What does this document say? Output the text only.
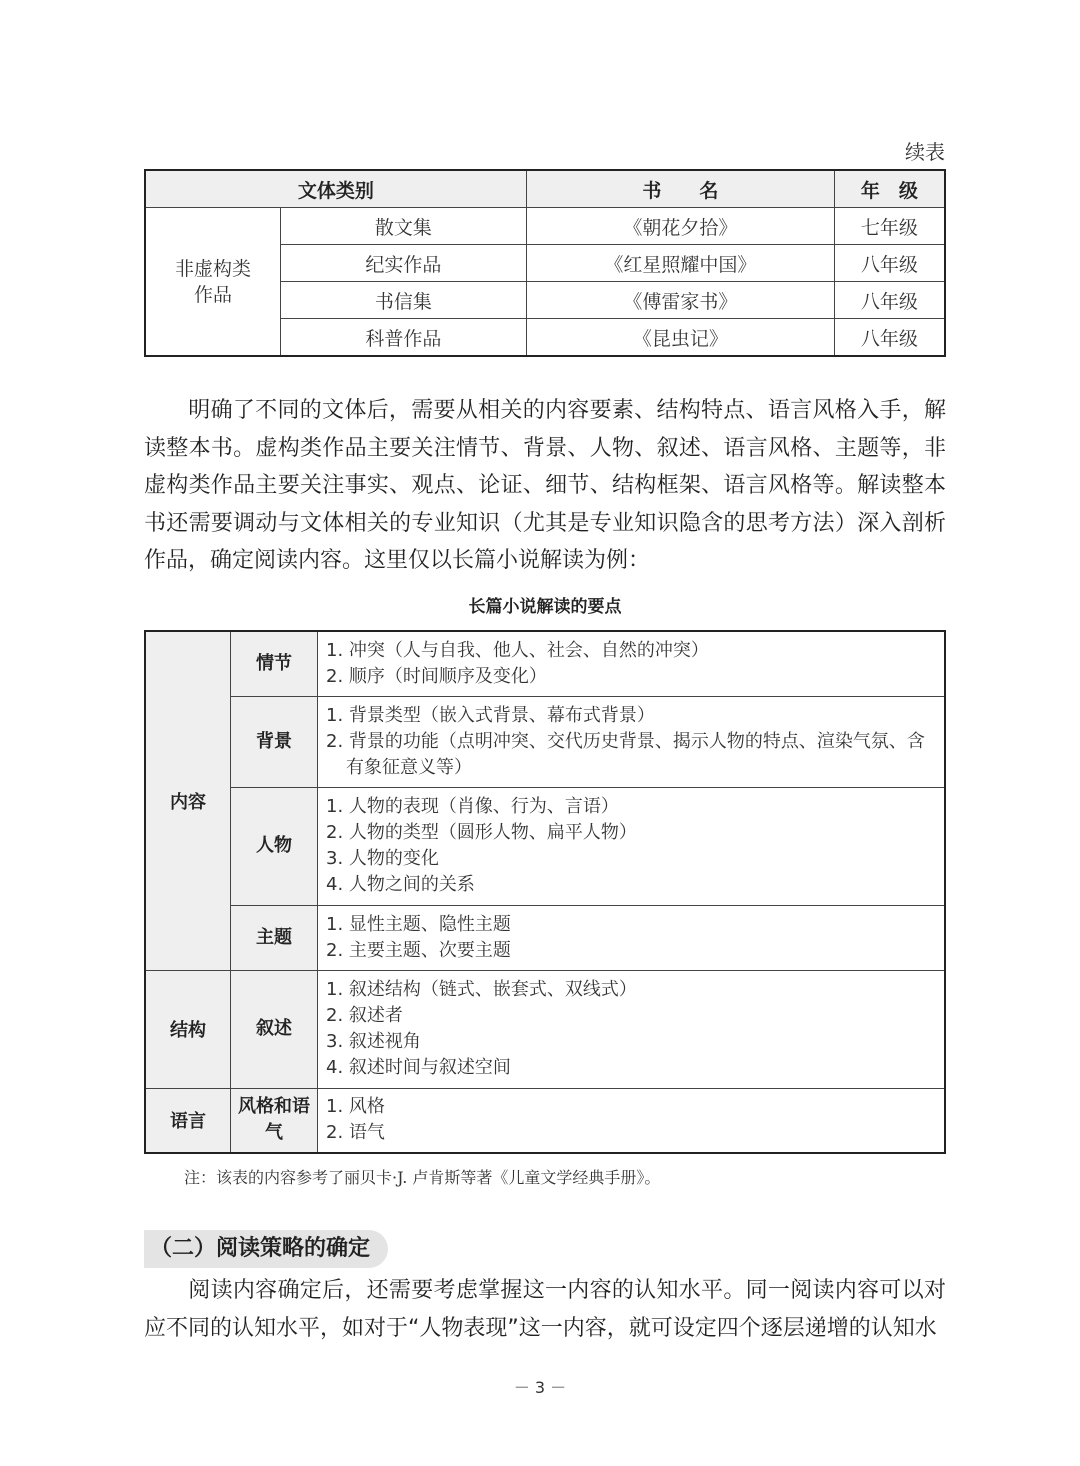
续表
文体类别		书　　名	年　级
非虚构类
作品	散文集	《朝花夕拾》	七年级
	纪实作品	《红星照耀中国》	八年级
	书信集	《傅雷家书》	八年级
	科普作品	《昆虫记》	八年级
明确了不同的文体后，需要从相关的内容要素、结构特点、语言风格入手，解读整本书。虚构类作品主要关注情节、背景、人物、叙述、语言风格、主题等，非虚构类作品主要关注事实、观点、论证、细节、结构框架、语言风格等。解读整本书还需要调动与文体相关的专业知识（尤其是专业知识隐含的思考方法）深入剖析作品，确定阅读内容。这里仅以长篇小说解读为例：
长篇小说解读的要点
内容	情节	1. 冲突（人与自我、他人、社会、自然的冲突）
2. 顺序（时间顺序及变化）

	背景	1. 背景类型（嵌入式背景、幕布式背景）
2. 背景的功能（点明冲突、交代历史背景、揭示人物的特点、渲染气氛、含有象征意义等）

	人物	1. 人物的表现（肖像、行为、言语）
2. 人物的类型（圆形人物、扁平人物）
3. 人物的变化
4. 人物之间的关系

	主题	1. 显性主题、隐性主题
2. 主要主题、次要主题

结构	叙述	1. 叙述结构（链式、嵌套式、双线式）
2. 叙述者
3. 叙述视角
4. 叙述时间与叙述空间

语言	风格和语气	1. 风格
2. 语气
注：该表的内容参考了丽贝卡·J. 卢肯斯等著《儿童文学经典手册》。
（二）阅读策略的确定
阅读内容确定后，还需要考虑掌握这一内容的认知水平。同一阅读内容可以对应不同的认知水平，如对于“人物表现”这一内容，就可设定四个逐层递增的认知水
－ 3 －
